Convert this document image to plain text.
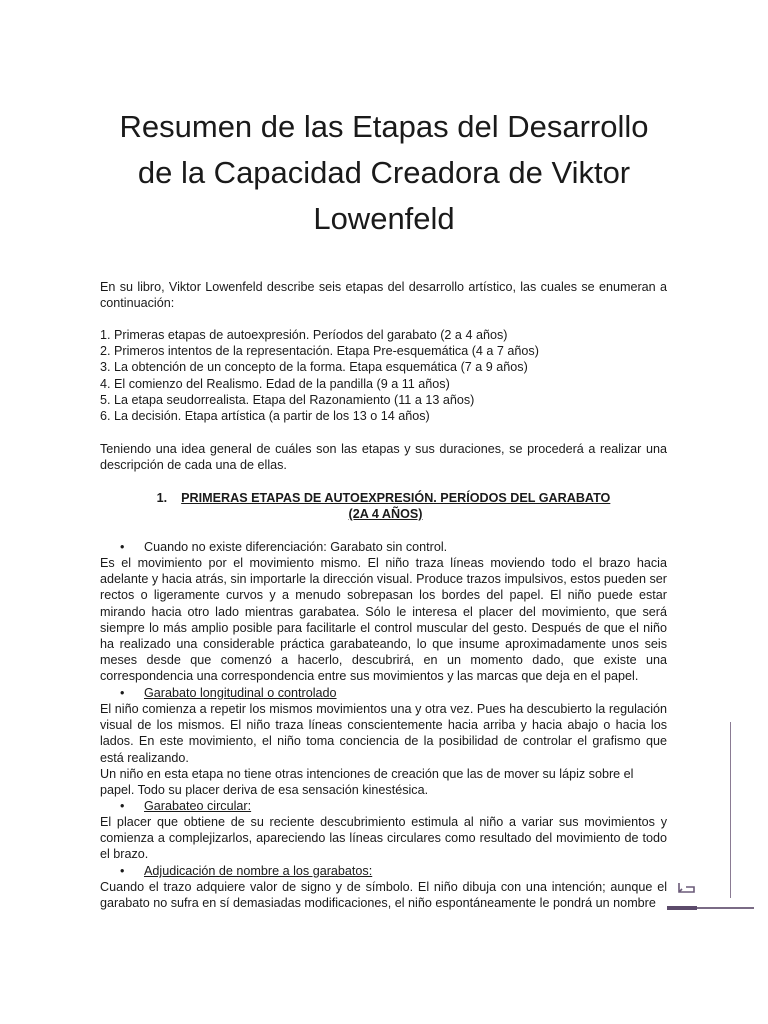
Resumen de las Etapas del Desarrollo de la Capacidad Creadora de Viktor Lowenfeld

En su libro, Viktor Lowenfeld describe seis etapas del desarrollo artístico, las cuales se enumeran a continuación:

1. Primeras etapas de autoexpresión. Períodos del garabato (2 a 4 años)
2. Primeros intentos de la representación. Etapa Pre-esquemática (4 a 7 años)
3. La obtención de un concepto de la forma. Etapa esquemática (7 a 9 años)
4. El comienzo del Realismo. Edad de la pandilla (9 a 11 años)
5. La etapa seudorrealista. Etapa del Razonamiento (11 a 13 años)
6. La decisión. Etapa artística (a partir de los 13 o 14 años)

Teniendo una idea general de cuáles son las etapas y sus duraciones, se procederá a realizar una descripción de cada una de ellas.

1. PRIMERAS ETAPAS DE AUTOEXPRESIÓN. PERÍODOS DEL GARABATO
(2A 4 AÑOS)
• Cuando no existe diferenciación: Garabato sin control.

Es el movimiento por el movimiento mismo. El niño traza líneas moviendo todo el brazo hacia adelante y hacia atrás, sin importarle la dirección visual. Produce trazos impulsivos, estos pueden ser rectos o ligeramente curvos y a menudo sobrepasan los bordes del papel. El niño puede estar mirando hacia otro lado mientras garabatea. Sólo le interesa el placer del movimiento, que será siempre lo más amplio posible para facilitarle el control muscular del gesto. Después de que el niño ha realizado una considerable práctica garabateando, lo que insume aproximadamente unos seis meses desde que comenzó a hacerlo, descubrirá, en un momento dado, que existe una correspondencia una correspondencia entre sus movimientos y las marcas que deja en el papel.

• Garabato longitudinal o controlado

El niño comienza a repetir los mismos movimientos una y otra vez. Pues ha descubierto la regulación visual de los mismos. El niño traza líneas conscientemente hacia arriba y hacia abajo o hacia los lados. En este movimiento, el niño toma conciencia de la posibilidad de controlar el grafismo que está realizando.

Un niño en esta etapa no tiene otras intenciones de creación que las de mover su lápiz sobre el papel. Todo su placer deriva de esa sensación kinestésica.

• Garabateo circular:

El placer que obtiene de su reciente descubrimiento estimula al niño a variar sus movimientos y comienza a complejizarlos, apareciendo las líneas circulares como resultado del movimiento de todo el brazo.

• Adjudicación de nombre a los garabatos:

Cuando el trazo adquiere valor de signo y de símbolo. El niño dibuja con una intención; aunque el garabato no sufra en sí demasiadas modificaciones, el niño espontáneamente le pondrá un nombre
